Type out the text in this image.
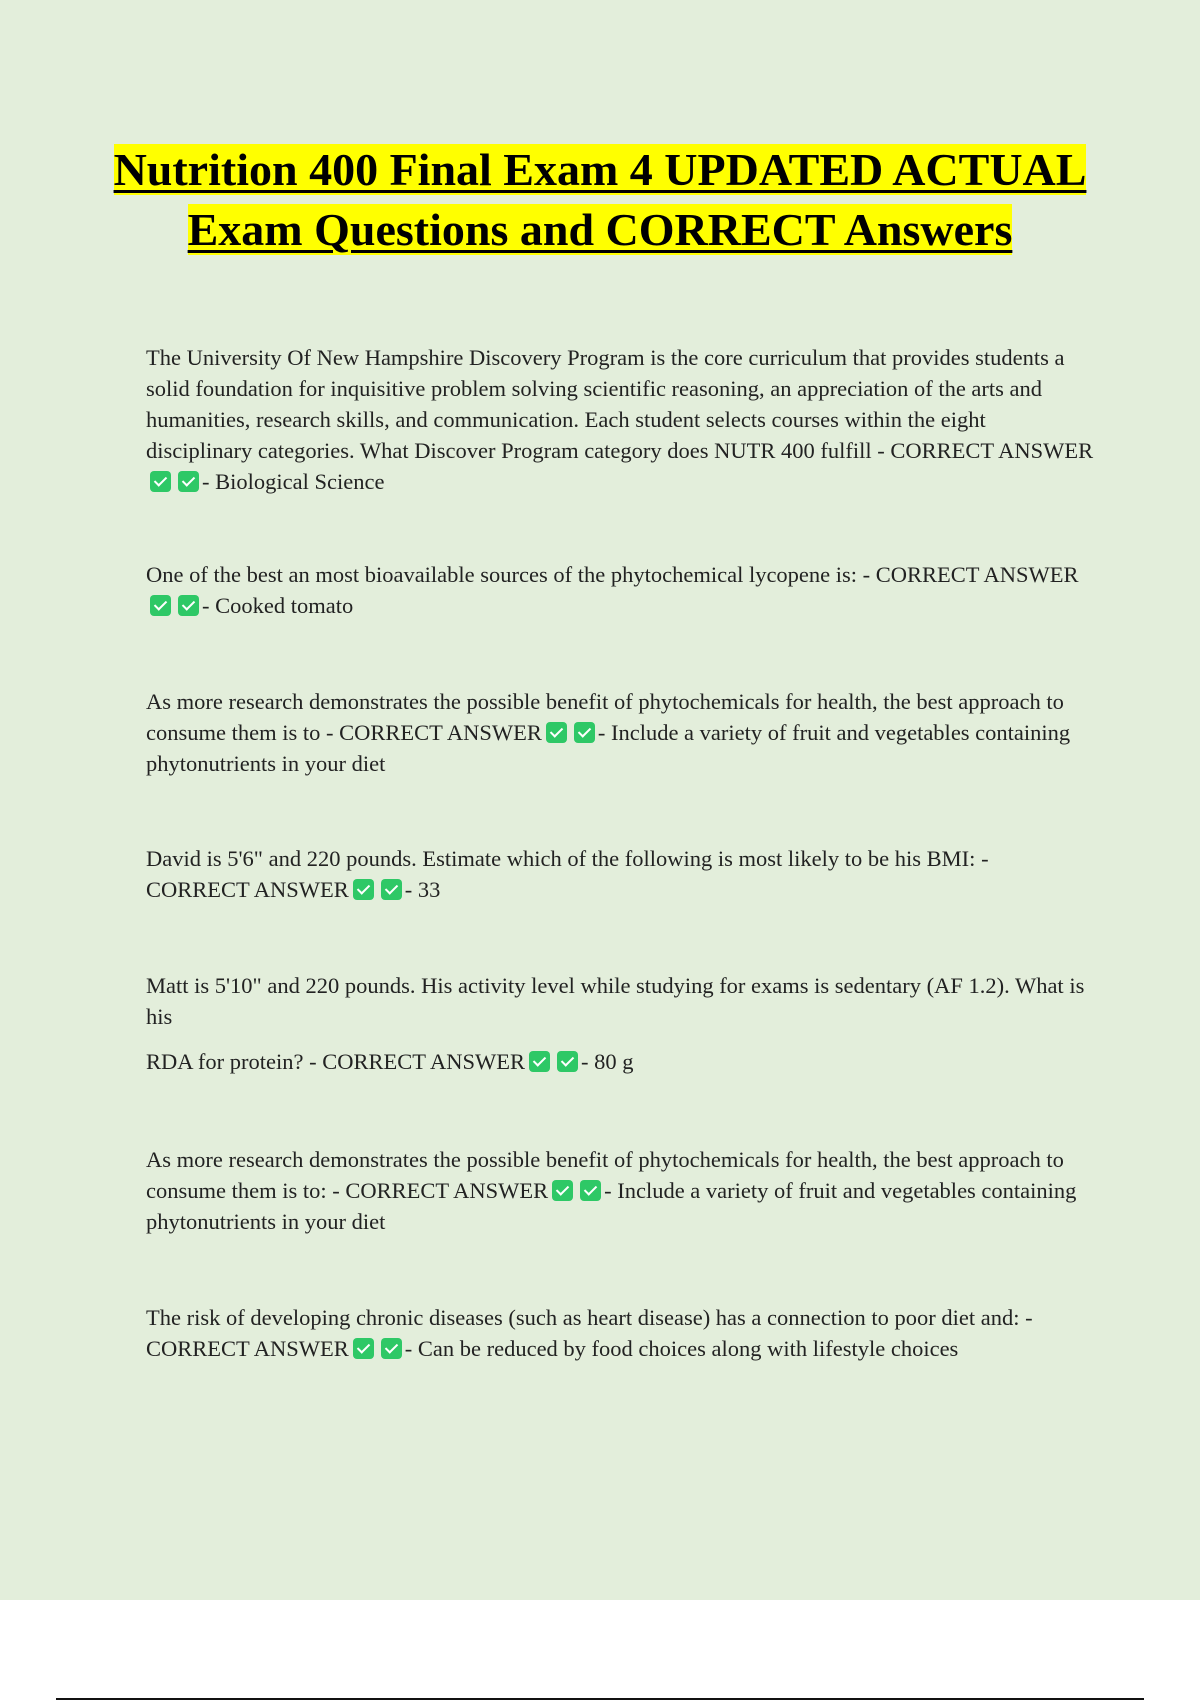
Nutrition 400 Final Exam 4 UPDATED ACTUAL Exam Questions and CORRECT Answers

The University Of New Hampshire Discovery Program is the core curriculum that provides students a solid foundation for inquisitive problem solving scientific reasoning, an appreciation of the arts and humanities, research skills, and communication. Each student selects courses within the eight disciplinary categories. What Discover Program category does NUTR 400 fulfill - CORRECT ANSWER- Biological Science

One of the best an most bioavailable sources of the phytochemical lycopene is: - CORRECT ANSWER- Cooked tomato

As more research demonstrates the possible benefit of phytochemicals for health, the best approach to consume them is to - CORRECT ANSWER - Include a variety of fruit and vegetables containing phytonutrients in your diet

David is 5'6" and 220 pounds. Estimate which of the following is most likely to be his BMI: - CORRECT ANSWER - 33

Matt is 5'10" and 220 pounds. His activity level while studying for exams is sedentary (AF 1.2). What is his

RDA for protein? - CORRECT ANSWER - 80 g

As more research demonstrates the possible benefit of phytochemicals for health, the best approach to consume them is to: - CORRECT ANSWER - Include a variety of fruit and vegetables containing phytonutrients in your diet

The risk of developing chronic diseases (such as heart disease) has a connection to poor diet and: - CORRECT ANSWER - Can be reduced by food choices along with lifestyle choices
